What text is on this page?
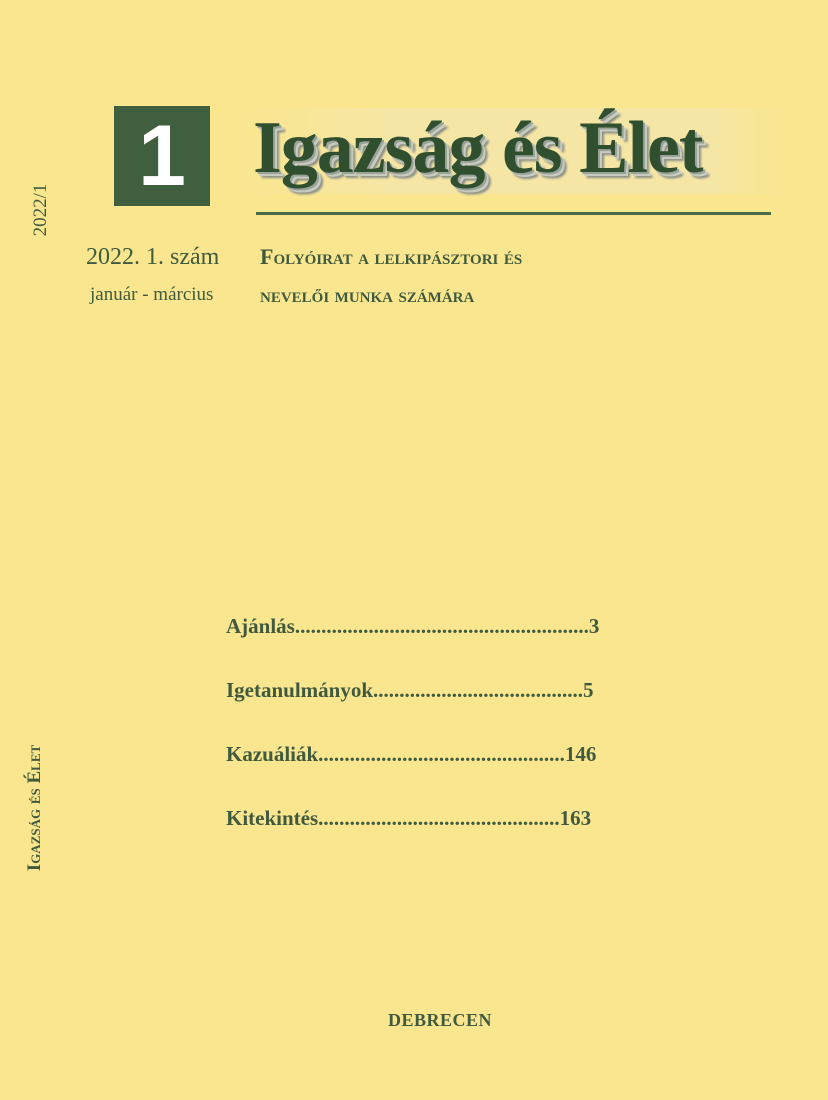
2022/1
Igazság és Élet
1 Igazság és Élet
2022. 1. szám
január - március
Folyóirat a lelkipásztori és
nevelői munka számára
Ajánlás........................................................3
Igetanulmányok........................................5
Kazuáliák...............................................146
Kitekintés..............................................163
DEBRECEN
